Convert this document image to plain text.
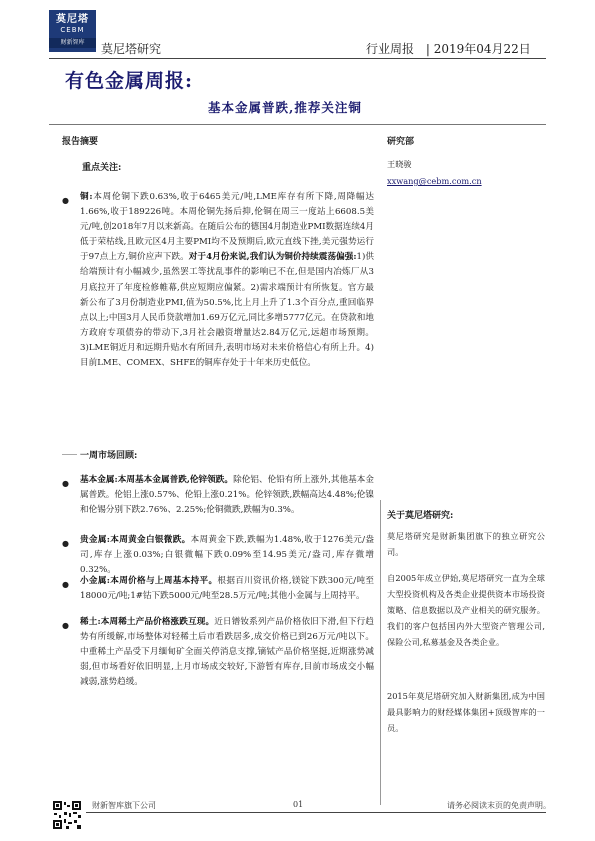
莫尼塔
CEBM
财新智库	莫尼塔研究	行业周报 | 2019年04月22日
有色金属周报:
基本金属普跌,推荐关注铜
报告摘要
重点关注:
● 铜:本周伦铜下跌0.63%,收于6465美元/吨,LME库存有所下降,周降幅达1.66%,收于189226吨。本周伦铜先扬后抑,伦铜在周三一度站上6608.5美元/吨,创2018年7月以来新高。在随后公布的德国4月制造业PMI数据连续4月低于荣枯线,且欧元区4月主要PMI均不及预期后,欧元直线下挫,美元强势运行于97点上方,铜价应声下跌。对于4月份来说,我们认为铜价持续震荡偏强:1)供给端预计有小幅减少,虽然罢工等扰乱事件的影响已不在,但是国内冶炼厂从3月底拉开了年度检修帷幕,供应短期应偏紧。2)需求端预计有所恢复。官方最新公布了3月份制造业PMI,值为50.5%,比上月上升了1.3个百分点,重回临界点以上;中国3月人民币贷款增加1.69万亿元,同比多增5777亿元。在贷款和地方政府专项债券的带动下,3月社会融资增量达2.84万亿元,远超市场预期。3)LME铜近月和远期升贴水有所回升,表明市场对未来价格信心有所上升。4)目前LME、COMEX、SHFE的铜库存处于十年来历史低位。
一周市场回顾:
● 基本金属:本周基本金属普跌,伦锌领跌。除伦铝、伦铅有所上涨外,其他基本金属普跌。伦铝上涨0.57%、伦铅上涨0.21%。伦锌领跌,跌幅高达4.48%;伦镍和伦锡分别下跌2.76%、2.25%;伦铜微跌,跌幅为0.3%。
● 贵金属:本周黄金白银微跌。本周黄金下跌,跌幅为1.48%,收于1276美元/盎司,库存上涨0.03%;白银微幅下跌0.09%至14.95美元/盎司,库存微增0.32%。
● 小金属:本周价格与上周基本持平。根据百川资讯价格,镁锭下跌300元/吨至18000元/吨;1#钴下跌5000元/吨至28.5万元/吨;其他小金属与上周持平。
● 稀土:本周稀土产品价格涨跌互现。近日镨钕系列产品价格依旧下滑,但下行趋势有所缓解,市场整体对轻稀土后市看跌居多,成交价格已到26万元/吨以下。中重稀土产品受下月缅甸矿全面关停消息支撑,镝铽产品价格坚挺,近期涨势减弱,但市场看好依旧明显,上月市场成交较好,下游暂有库存,目前市场成交小幅减弱,涨势趋缓。
研究部
王晓骏
xxwang@cebm.com.cn
关于莫尼塔研究:
莫尼塔研究是财新集团旗下的独立研究公司。
自2005年成立伊始,莫尼塔研究一直为全球大型投资机构及各类企业提供资本市场投资策略、信息数据以及产业相关的研究服务。我们的客户包括国内外大型资产管理公司,保险公司,私募基金及各类企业。
2015年莫尼塔研究加入财新集团,成为中国最具影响力的财经媒体集团+顶级智库的一员。
财新智库旗下公司	01	请务必阅读末页的免责声明。
